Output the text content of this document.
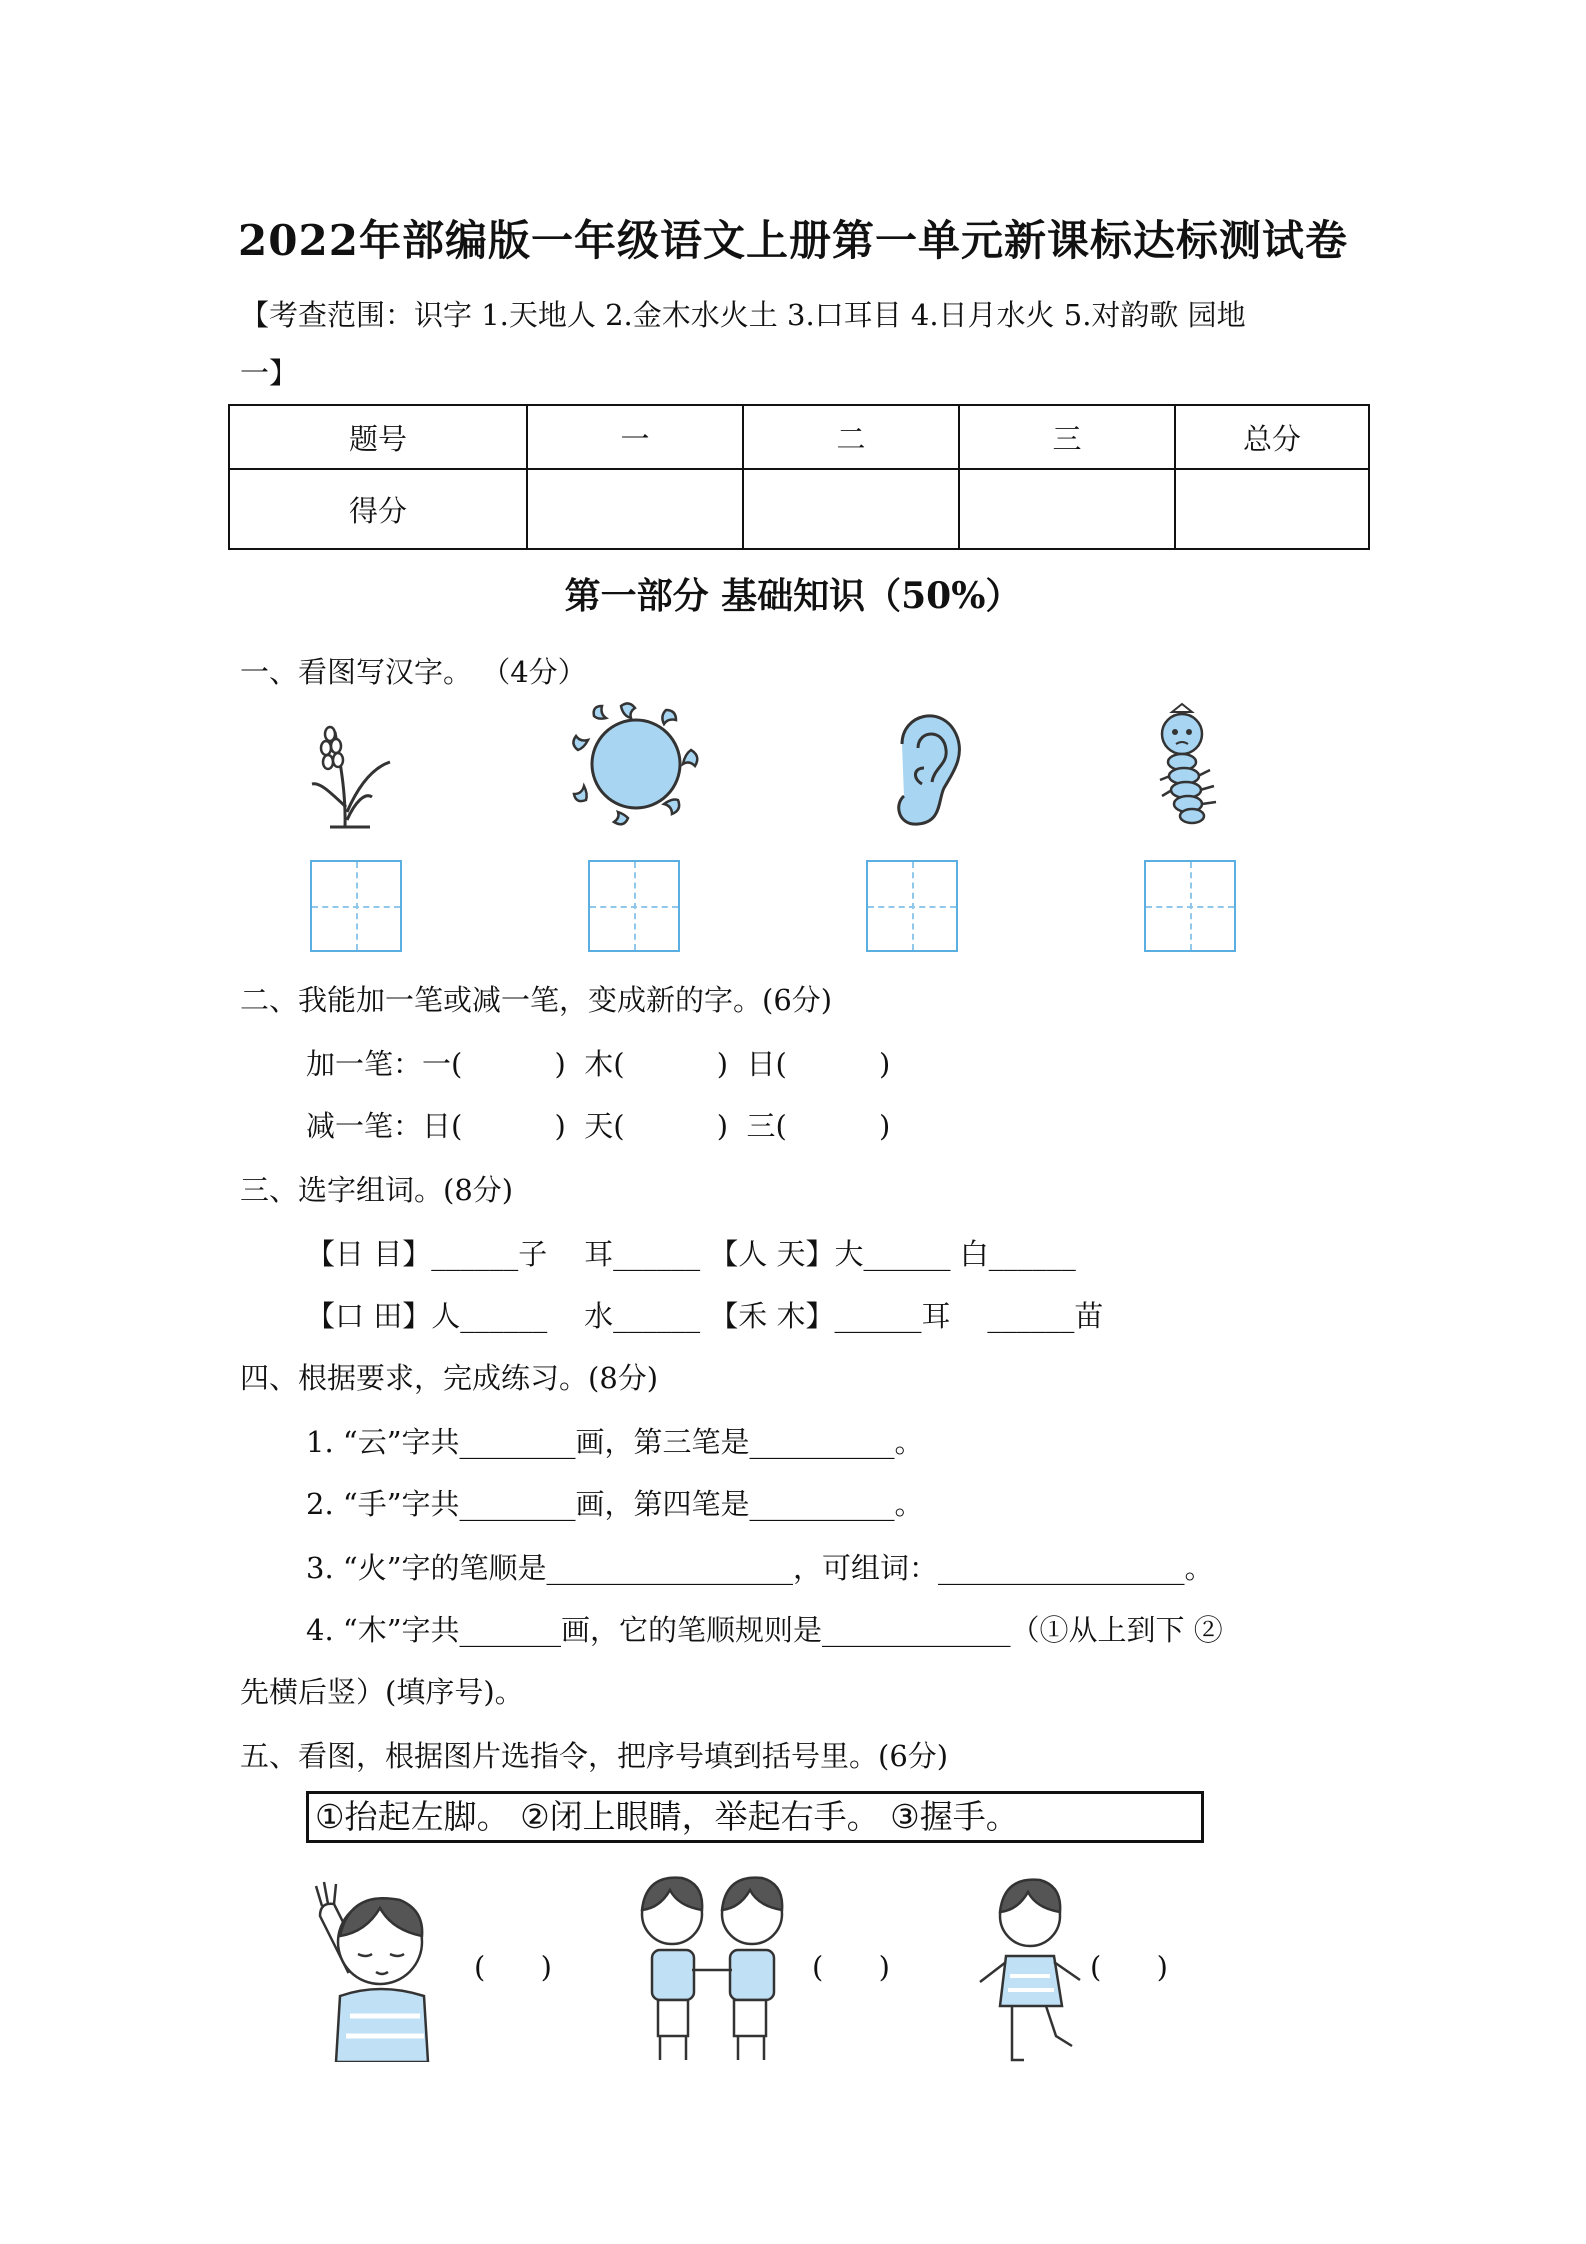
2022年部编版一年级语文上册第一单元新课标达标测试卷
【考查范围：识字 1.天地人 2.金木水火土 3.口耳目 4.日月水火 5.对韵歌 园地
一】
题号	一	二	三	总分
得分				
第一部分 基础知识（50%）
一、看图写汉字。 （4分）
二、我能加一笔或减一笔，变成新的字。(6分)
加一笔：一(          )  木(          )  日(          )
减一笔：日(          )  天(          )  三(          )
三、选字组词。(8分)
【日 目】______子    耳______ 【人 天】大______ 白______
【口 田】人______    水______ 【禾 木】______耳    ______苗
四、根据要求，完成练习。(8分)
1. “云”字共________画，第三笔是__________。
2. “手”字共________画，第四笔是__________。
3. “火”字的笔顺是_________________，可组词：_________________。
4. “木”字共_______画，它的笔顺规则是_____________（①从上到下 ②
先横后竖）(填序号)。
五、看图，根据图片选指令，把序号填到括号里。(6分)
①抬起左脚。 ②闭上眼睛，举起右手。 ③握手。
(      )	(      )	(      )
